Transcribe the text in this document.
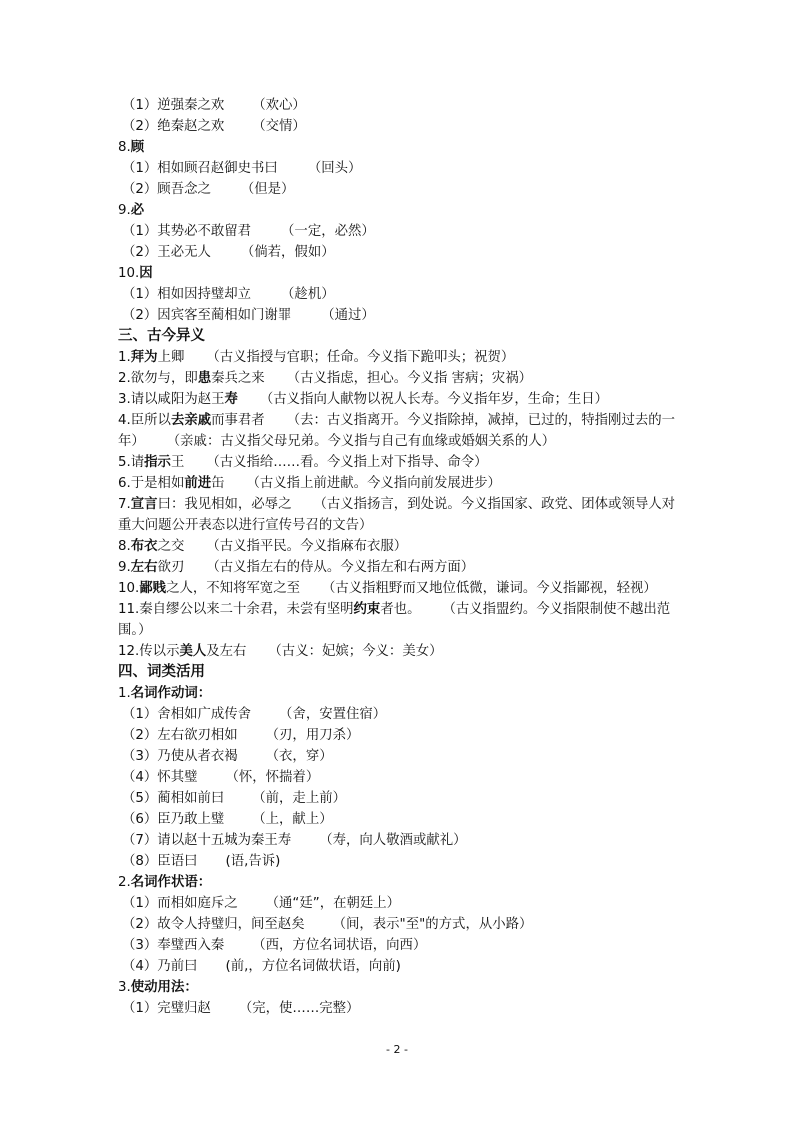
（1）逆强秦之欢 （欢心）
（2）绝秦赵之欢 （交情）
8.顾
（1）相如顾召赵御史书曰 （回头）
（2）顾吾念之 （但是）
9.必
（1）其势必不敢留君 （一定，必然）
（2）王必无人 （倘若，假如）
10.因
（1）相如因持璧却立 （趁机）
（2）因宾客至蔺相如门谢罪 （通过）
三、古今异义
1.拜为上卿 （古义指授与官职；任命。今义指下跪叩头；祝贺）
2.欲勿与，即患秦兵之来 （古义指虑，担心。今义指 害病；灾祸）
3.请以咸阳为赵王寿 （古义指向人献物以祝人长寿。今义指年岁，生命；生日）
4.臣所以去亲戚而事君者 （去：古义指离开。今义指除掉，减掉，已过的，特指刚过去的一年） （亲戚：古义指父母兄弟。今义指与自己有血缘或婚姻关系的人）
5.请指示王 （古义指给……看。今义指上对下指导、命令）
6.于是相如前进缶 （古义指上前进献。今义指向前发展进步）
7.宣言曰：我见相如，必辱之 （古义指扬言，到处说。今义指国家、政党、团体或领导人对重大问题公开表态以进行宣传号召的文告）
8.布衣之交 （古义指平民。今义指麻布衣服）
9.左右欲刃 （古义指左右的侍从。今义指左和右两方面）
10.鄙贱之人，不知将军宽之至 （古义指粗野而又地位低微，谦词。今义指鄙视，轻视）
11.秦自缪公以来二十余君，未尝有坚明约束者也。 （古义指盟约。今义指限制使不越出范围。）
12.传以示美人及左右 （古义：妃嫔；今义：美女）
四、词类活用
1.名词作动词：
（1）舍相如广成传舍 （舍，安置住宿）
（2）左右欲刃相如 （刃，用刀杀）
（3）乃使从者衣褐 （衣，穿）
（4）怀其璧 （怀，怀揣着）
（5）蔺相如前曰 （前，走上前）
（6）臣乃敢上璧 （上，献上）
（7）请以赵十五城为秦王寿 （寿，向人敬酒或献礼）
（8）臣语曰 (语,告诉)
2.名词作状语：
（1）而相如庭斥之 （通“廷”，在朝廷上）
（2）故令人持璧归，间至赵矣 （间，表示"至"的方式，从小路）
（3）奉璧西入秦 （西，方位名词状语，向西）
（4）乃前曰 (前,，方位名词做状语，向前)
3.使动用法：
（1）完璧归赵 （完，使……完整）
- 2 -
